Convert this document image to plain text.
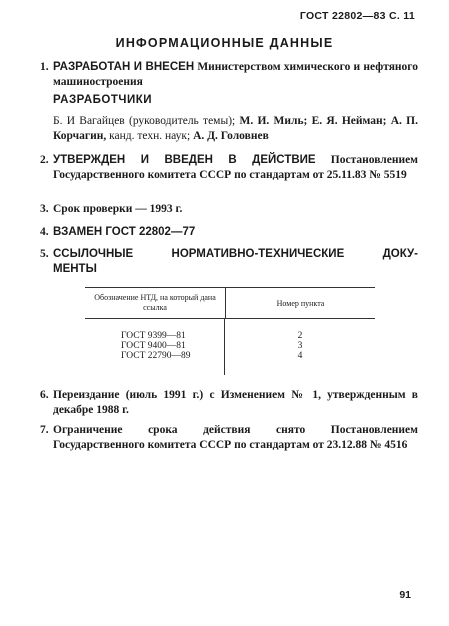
ГОСТ 22802—83 С. 11
ИНФОРМАЦИОННЫЕ ДАННЫЕ
1. РАЗРАБОТАН И ВНЕСЕН Министерством химического и нефтяного машиностроения
РАЗРАБОТЧИКИ
Б. И Вагайцев (руководитель темы); М. И. Миль; Е. Я. Нейман; А. П. Корчагин, канд. техн. наук; А. Д. Головнев
2. УТВЕРЖДЕН И ВВЕДЕН В ДЕЙСТВИЕ Постановлением Государственного комитета СССР по стандартам от 25.11.83 № 5519
3. Срок проверки — 1993 г.
4. ВЗАМЕН ГОСТ 22802—77
5. ССЫЛОЧНЫЕ	НОРМАТИВНО-ТЕХНИЧЕСКИЕ	ДОКУ-
МЕНТЫ
Обозначение НТД, на который дана ссылка	Номер пункта
ГОСТ 9399—81	2
ГОСТ 9400—81	3
ГОСТ 22790—89	4
6. Переиздание (июль 1991 г.) с Изменением № 1, утвержденным в декабре 1988 г.
7. Ограничение срока действия снято Постановлением Государственного комитета СССР по стандартам от 23.12.88 № 4516
91
